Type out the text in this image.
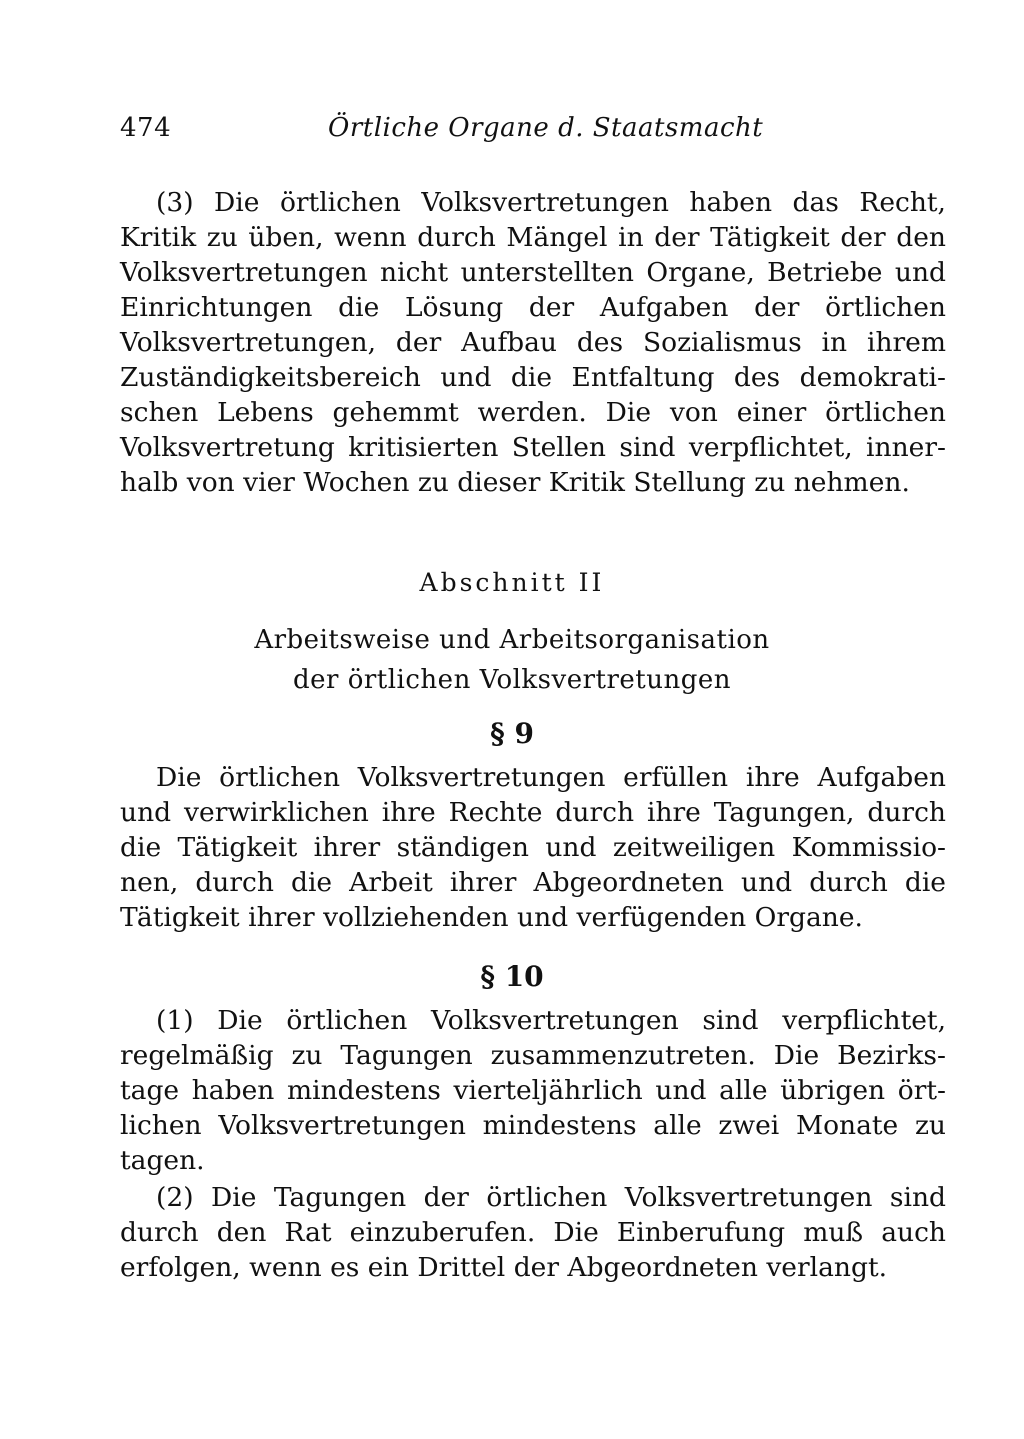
474	Örtliche Organe d. Staatsmacht

(3) Die örtlichen Volksvertretungen haben das Recht, Kritik zu üben, wenn durch Mängel in der Tätigkeit der den Volksvertretungen nicht unterstellten Organe, Betriebe und Einrichtungen die Lösung der Aufgaben der örtlichen Volksvertretungen, der Aufbau des Sozialismus in ihrem Zuständigkeitsbereich und die Entfaltung des demokratischen Lebens gehemmt werden. Die von einer örtlichen Volksvertretung kritisierten Stellen sind verpflichtet, innerhalb von vier Wochen zu dieser Kritik Stellung zu nehmen.

Abschnitt II
Arbeitsweise und Arbeitsorganisation
der örtlichen Volksvertretungen
§ 9

Die örtlichen Volksvertretungen erfüllen ihre Aufgaben und verwirklichen ihre Rechte durch ihre Tagungen, durch die Tätigkeit ihrer ständigen und zeitweiligen Kommissionen, durch die Arbeit ihrer Abgeordneten und durch die Tätigkeit ihrer vollziehenden und verfügenden Organe.

§ 10

(1) Die örtlichen Volksvertretungen sind verpflichtet, regelmäßig zu Tagungen zusammenzutreten. Die Bezirkstage haben mindestens vierteljährlich und alle übrigen örtlichen Volksvertretungen mindestens alle zwei Monate zu tagen.

(2) Die Tagungen der örtlichen Volksvertretungen sind durch den Rat einzuberufen. Die Einberufung muß auch erfolgen, wenn es ein Drittel der Abgeordneten verlangt.
